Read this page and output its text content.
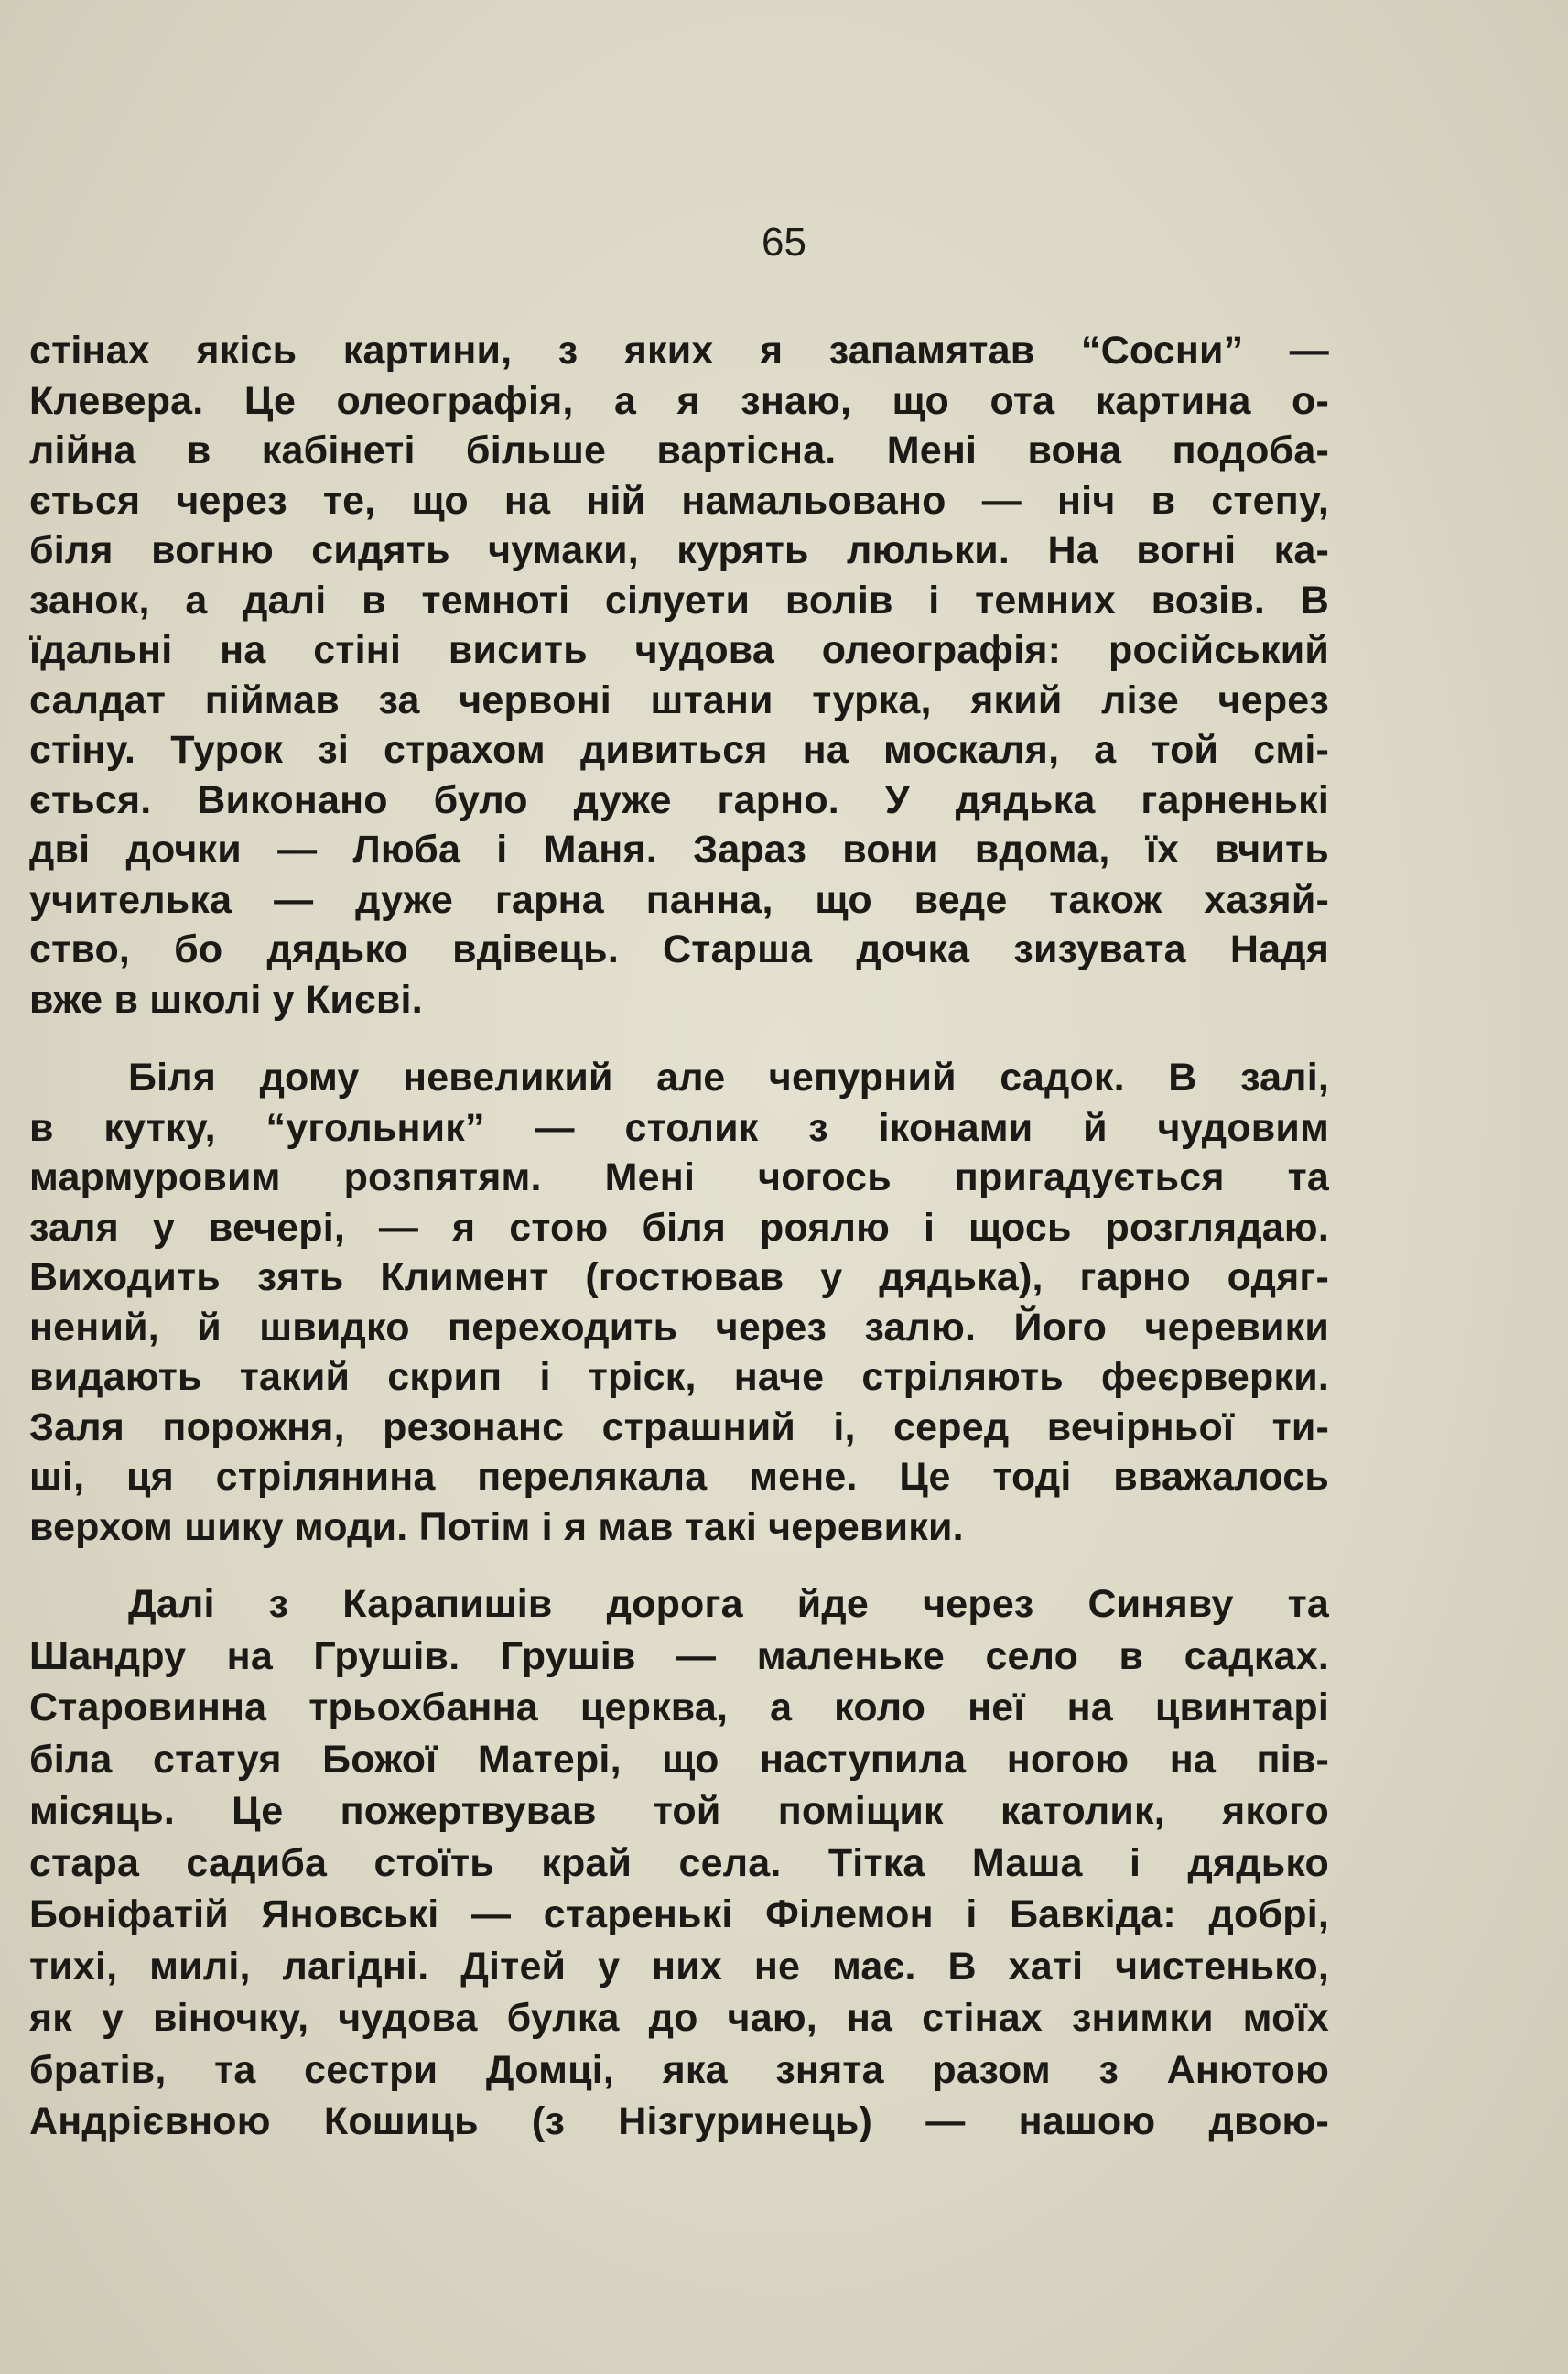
65
стінах якісь картини, з яких я запамятав “Сосни” —
Клевера. Це олеографія, а я знаю, що ота картина о-
лійна в кабінеті більше вартісна. Мені вона подоба-
ється через те, що на ній намальовано — ніч в степу,
біля вогню сидять чумаки, курять люльки. На вогні ка-
занок, а далі в темноті сілуети волів і темних возів. В
їдальні на стіні висить чудова олеографія: російський
салдат піймав за червоні штани турка, який лізе через
стіну. Турок зі страхом дивиться на москаля, а той смі-
ється. Виконано було дуже гарно. У дядька гарненькі
дві дочки — Люба і Маня. Зараз вони вдома, їх вчить
учителька — дуже гарна панна, що веде також хазяй-
ство, бо дядько вдівець. Старша дочка зизувата Надя
вже в школі у Києві.
Біля дому невеликий але чепурний садок. В залі,
в кутку, “угольник” — столик з іконами й чудовим
мармуровим розпятям. Мені чогось пригадується та
заля у вечері, — я стою біля роялю і щось розглядаю.
Виходить зять Климент (гостював у дядька), гарно одяг-
нений, й швидко переходить через залю. Його черевики
видають такий скрип і тріск, наче стріляють феєрверки.
Заля порожня, резонанс страшний і, серед вечірньої ти-
ші, ця стрілянина перелякала мене. Це тоді вважалось
верхом шику моди. Потім і я мав такі черевики.
Далі з Карапишів дорога йде через Синяву та
Шандру на Грушів. Грушів — маленьке село в садках.
Старовинна трьохбанна церква, а коло неї на цвинтарі
біла статуя Божої Матері, що наступила ногою на пів-
місяць. Це пожертвував той поміщик католик, якого
стара садиба стоїть край села. Тітка Маша і дядько
Боніфатій Яновські — старенькі Філемон і Бавкіда: добрі,
тихі, милі, лагідні. Дітей у них не має. В хаті чистенько,
як у віночку, чудова булка до чаю, на стінах знимки моїх
братів, та сестри Домці, яка знята разом з Анютою
Андрієвною Кошиць (з Нізгуринець) — нашою двою-
